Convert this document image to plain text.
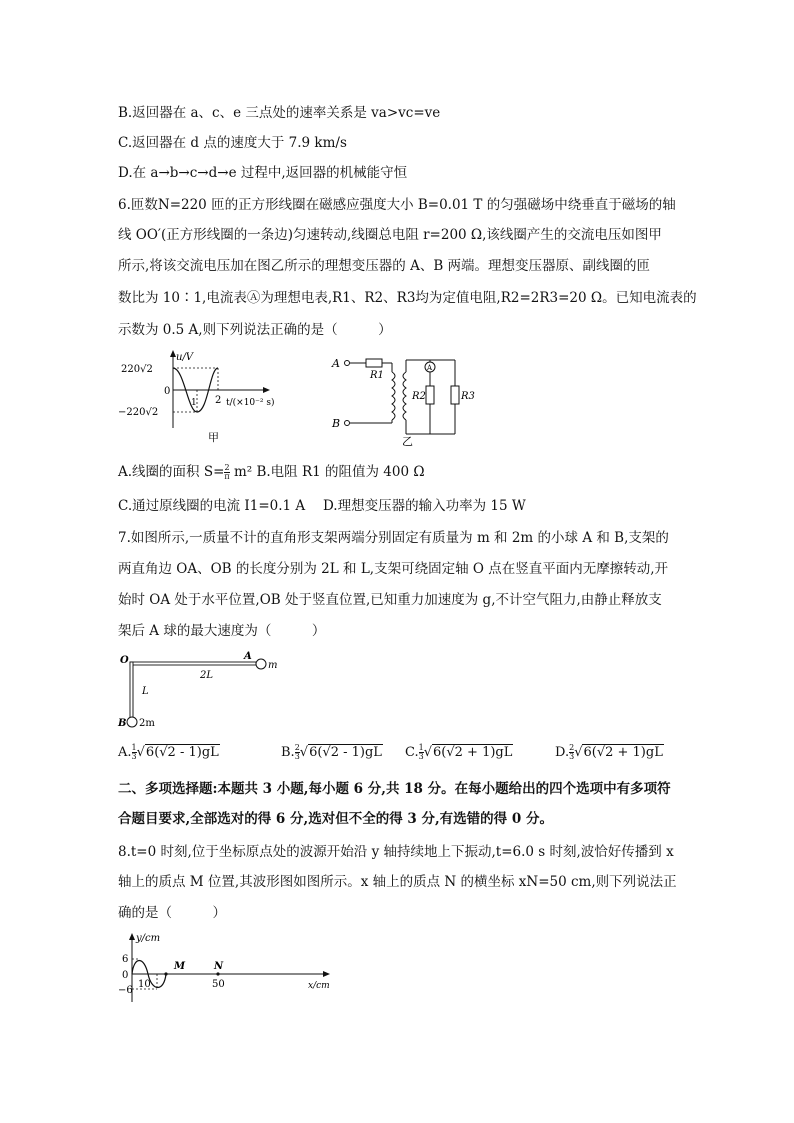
B.返回器在 a、c、e 三点处的速率关系是 va>vc=ve
C.返回器在 d 点的速度大于 7.9 km/s
D.在 a→b→c→d→e 过程中,返回器的机械能守恒
6.匝数N=220 匝的正方形线圈在磁感应强度大小 B=0.01 T 的匀强磁场中绕垂直于磁场的轴
线 OO′(正方形线圈的一条边)匀速转动,线圈总电阻 r=200 Ω,该线圈产生的交流电压如图甲
所示,将该交流电压加在图乙所示的理想变压器的 A、B 两端。理想变压器原、副线圈的匝
数比为 10∶1,电流表Ⓐ为理想电表,R1、R2、R3均为定值电阻,R2=2R3=20 Ω。已知电流表的
示数为 0.5 A,则下列说法正确的是（　　　）
u/V
220√2
0
−220√2
1 2 t/(×10⁻² s)
甲
A
R1
B
R2	R3
A
乙
A.线圈的面积 $S= \frac{2}{\pi} m^2$ B.电阻 R1 的阻值为 400 Ω
C.通过原线圈的电流 I1=0.1 A　 D.理想变压器的输入功率为 15 W
7.如图所示,一质量不计的直角形支架两端分别固定有质量为 m 和 2m 的小球 A 和 B,支架的
两直角边 OA、OB 的长度分别为 2L 和 L,支架可绕固定轴 O 点在竖直平面内无摩擦转动,开
始时 OA 处于水平位置,OB 处于竖直位置,已知重力加速度为 g,不计空气阻力,由静止释放支
架后 A 球的最大速度为（　　　）
O	A
m
2L
L
B 2m
A. $\frac{1}{3} √6(√2 - 1)gL$	B. $\frac{2}{3} √6(√2 - 1)gL$ C. $\frac{1}{3} √6(√2 + 1)gL$	D. $\frac{2}{3} √6(√2 + 1)gL$
二、多项选择题:本题共 3 小题,每小题 6 分,共 18 分。在每小题给出的四个选项中有多项符
合题目要求,全部选对的得 6 分,选对但不全的得 3 分,有选错的得 0 分。
8.t=0 时刻,位于坐标原点处的波源开始沿 y 轴持续地上下振动,t=6.0 s 时刻,波恰好传播到 x
轴上的质点 M 位置,其波形图如图所示。x 轴上的质点 N 的横坐标 xN=50 cm,则下列说法正
确的是（　　　）
y/cm
6
0
−6
10
M	N
50	x/cm
